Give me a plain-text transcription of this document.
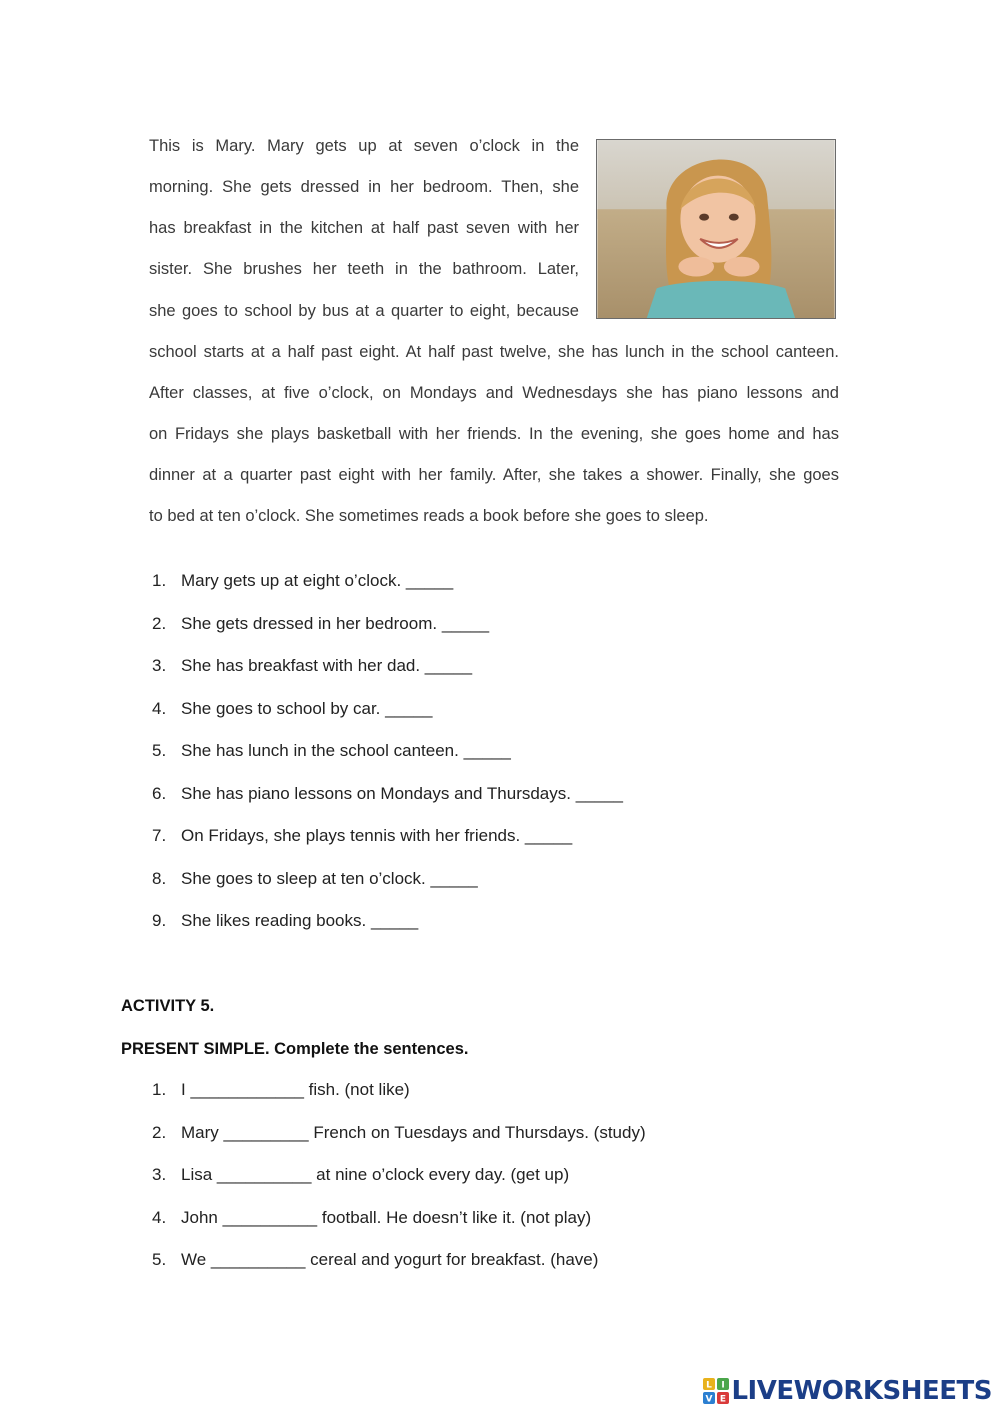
This is Mary. Mary gets up at seven o’clock in the
morning. She gets dressed in her bedroom. Then, she
has breakfast in the kitchen at half past seven with her
sister. She brushes her teeth in the bathroom. Later,
she goes to school by bus at a quarter to eight, because
school starts at a half past eight. At half past twelve, she has lunch in the school canteen.
After classes, at five o’clock, on Mondays and Wednesdays she has piano lessons and
on Fridays she plays basketball with her friends. In the evening, she goes home and has
dinner at a quarter past eight with her family. After, she takes a shower. Finally, she goes
to bed at ten o’clock. She sometimes reads a book before she goes to sleep.
1. Mary gets up at eight o’clock. _____
2. She gets dressed in her bedroom. _____
3. She has breakfast with her dad. _____
4. She goes to school by car. _____
5. She has lunch in the school canteen. _____
6. She has piano lessons on Mondays and Thursdays. _____
7. On Fridays, she plays tennis with her friends. _____
8. She goes to sleep at ten o’clock. _____
9. She likes reading books. _____
ACTIVITY 5.
PRESENT SIMPLE. Complete the sentences.
1. I ____________ fish. (not like)
2. Mary _________ French on Tuesdays and Thursdays. (study)
3. Lisa __________ at nine o’clock every day. (get up)
4. John __________ football. He doesn’t like it. (not play)
5. We __________ cereal and yogurt for breakfast. (have)
L I
V E LIVEWORKSHEETS
